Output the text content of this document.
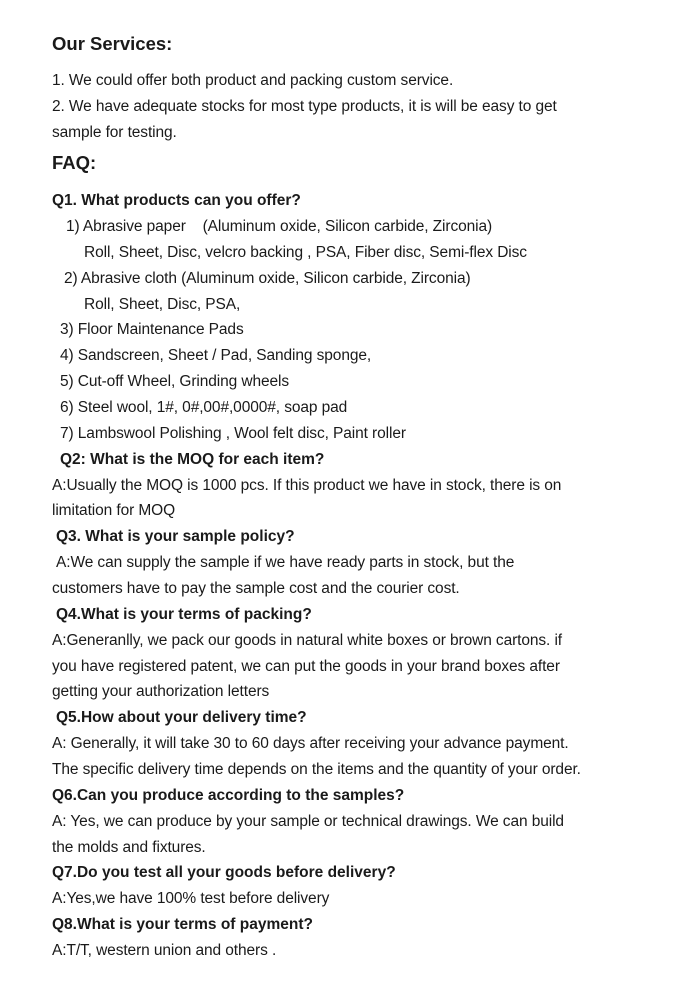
Our Services:
1. We could offer both product and packing custom service.
2. We have adequate stocks for most type products, it is will be easy to get
sample for testing.
FAQ:
Q1. What products can you offer?
1) Abrasive paper    (Aluminum oxide, Silicon carbide, Zirconia)
Roll, Sheet, Disc, velcro backing , PSA, Fiber disc, Semi-flex Disc
2) Abrasive cloth (Aluminum oxide, Silicon carbide, Zirconia)
Roll, Sheet, Disc, PSA,
3) Floor Maintenance Pads
4) Sandscreen, Sheet / Pad, Sanding sponge,
5) Cut-off Wheel, Grinding wheels
6) Steel wool, 1#, 0#,00#,0000#, soap pad
7) Lambswool Polishing , Wool felt disc, Paint roller
Q2: What is the MOQ for each item?
A:Usually the MOQ is 1000 pcs. If this product we have in stock, there is on
limitation for MOQ
Q3. What is your sample policy?
A:We can supply the sample if we have ready parts in stock, but the
customers have to pay the sample cost and the courier cost.
Q4.What is your terms of packing?
A:Generanlly, we pack our goods in natural white boxes or brown cartons. if
you have registered patent, we can put the goods in your brand boxes after
getting your authorization letters
Q5.How about your delivery time?
A: Generally, it will take 30 to 60 days after receiving your advance payment.
The specific delivery time depends on the items and the quantity of your order.
Q6.Can you produce according to the samples?
A: Yes, we can produce by your sample or technical drawings. We can build
the molds and fixtures.
Q7.Do you test all your goods before delivery?
A:Yes,we have 100% test before delivery
Q8.What is your terms of payment?
A:T/T, western union and others .
